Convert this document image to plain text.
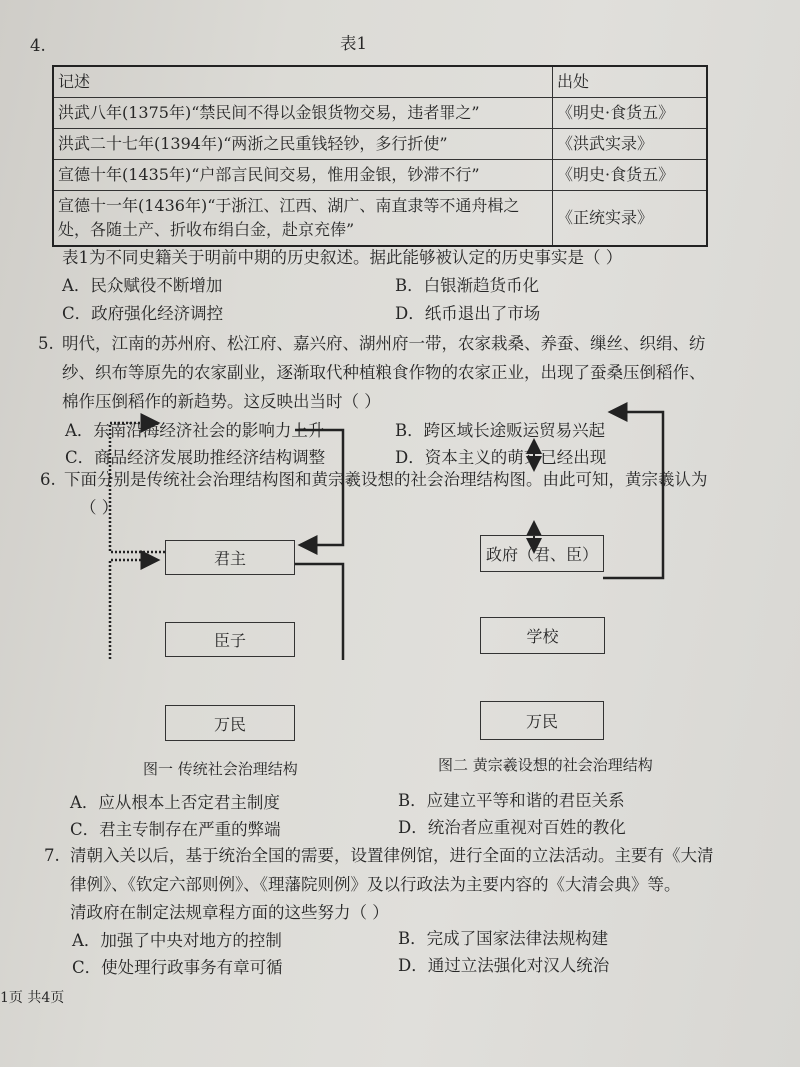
4.	表1
记述	出处
洪武八年(1375年)“禁民间不得以金银货物交易，违者罪之”	《明史·食货五》
洪武二十七年(1394年)“两浙之民重钱轻钞，多行折使”	《洪武实录》
宣德十年(1435年)“户部言民间交易，惟用金银，钞滞不行”	《明史·食货五》
宣德十一年(1436年)“于浙江、江西、湖广、南直隶等不通舟楫之处，各随土产、折收布绢白金，赴京充俸”	《正统实录》
表1为不同史籍关于明前中期的历史叙述。据此能够被认定的历史事实是（ ）
A．民众赋役不断增加	B．白银渐趋货币化
C．政府强化经济调控	D．纸币退出了市场
5. 明代，江南的苏州府、松江府、嘉兴府、湖州府一带，农家栽桑、养蚕、缫丝、织绢、纺
纱、织布等原先的农家副业，逐渐取代种植粮食作物的农家正业，出现了蚕桑压倒稻作、
棉作压倒稻作的新趋势。这反映出当时（ ）
A．东南沿海经济社会的影响力上升	B．跨区域长途贩运贸易兴起
C．商品经济发展助推经济结构调整	D．资本主义的萌芽已经出现
6. 下面分别是传统社会治理结构图和黄宗羲设想的社会治理结构图。由此可知，黄宗羲认为
（ ）
君主
臣子
万民
图一 传统社会治理结构
政府（君、臣）
学校
万民
图二 黄宗羲设想的社会治理结构
A．应从根本上否定君主制度	B．应建立平等和谐的君臣关系
C．君主专制存在严重的弊端	D．统治者应重视对百姓的教化
7. 清朝入关以后，基于统治全国的需要，设置律例馆，进行全面的立法活动。主要有《大清
律例》、《钦定六部则例》、《理藩院则例》及以行政法为主要内容的《大清会典》等。
清政府在制定法规章程方面的这些努力（ ）
A．加强了中央对地方的控制	B．完成了国家法律法规构建
C．使处理行政事务有章可循	D．通过立法强化对汉人统治
1页 共4页
